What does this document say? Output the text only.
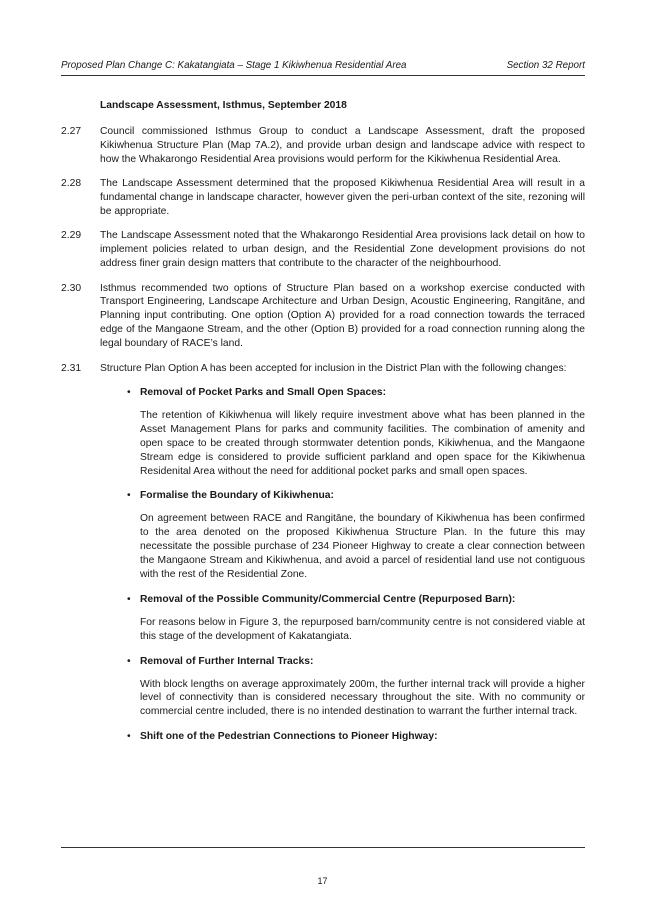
Proposed Plan Change C: Kakatangiata – Stage 1 Kikiwhenua Residential Area	Section 32 Report
Landscape Assessment, Isthmus, September 2018
2.27 Council commissioned Isthmus Group to conduct a Landscape Assessment, draft the proposed Kikiwhenua Structure Plan (Map 7A.2), and provide urban design and landscape advice with respect to how the Whakarongo Residential Area provisions would perform for the Kikiwhenua Residential Area.
2.28 The Landscape Assessment determined that the proposed Kikiwhenua Residential Area will result in a fundamental change in landscape character, however given the peri-urban context of the site, rezoning will be appropriate.
2.29 The Landscape Assessment noted that the Whakarongo Residential Area provisions lack detail on how to implement policies related to urban design, and the Residential Zone development provisions do not address finer grain design matters that contribute to the character of the neighbourhood.
2.30 Isthmus recommended two options of Structure Plan based on a workshop exercise conducted with Transport Engineering, Landscape Architecture and Urban Design, Acoustic Engineering, Rangitāne, and Planning input contributing. One option (Option A) provided for a road connection towards the terraced edge of the Mangaone Stream, and the other (Option B) provided for a road connection running along the legal boundary of RACE’s land.
2.31 Structure Plan Option A has been accepted for inclusion in the District Plan with the following changes:
• Removal of Pocket Parks and Small Open Spaces:
The retention of Kikiwhenua will likely require investment above what has been planned in the Asset Management Plans for parks and community facilities. The combination of amenity and open space to be created through stormwater detention ponds, Kikiwhenua, and the Mangaone Stream edge is considered to provide sufficient parkland and open space for the Kikiwhenua Residenital Area without the need for additional pocket parks and small open spaces.
• Formalise the Boundary of Kikiwhenua:
On agreement between RACE and Rangitāne, the boundary of Kikiwhenua has been confirmed to the area denoted on the proposed Kikiwhenua Structure Plan. In the future this may necessitate the possible purchase of 234 Pioneer Highway to create a clear connection between the Mangaone Stream and Kikiwhenua, and avoid a parcel of residential land use not contiguous with the rest of the Residential Zone.
• Removal of the Possible Community/Commercial Centre (Repurposed Barn):
For reasons below in Figure 3, the repurposed barn/community centre is not considered viable at this stage of the development of Kakatangiata.
• Removal of Further Internal Tracks:
With block lengths on average approximately 200m, the further internal track will provide a higher level of connectivity than is considered necessary throughout the site. With no community or commercial centre included, there is no intended destination to warrant the further internal track.
• Shift one of the Pedestrian Connections to Pioneer Highway:
17
